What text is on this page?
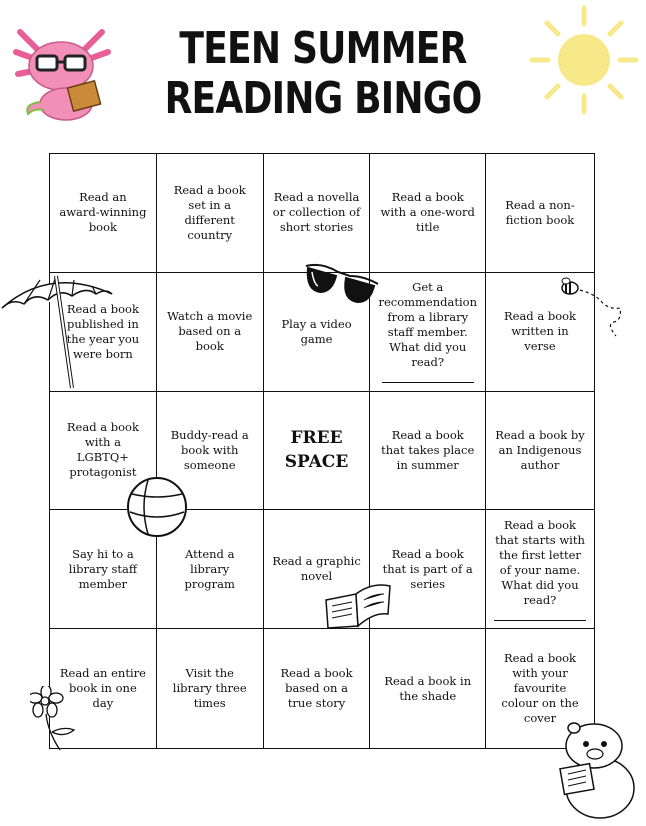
TEEN SUMMER
READING BINGO
Read an award-winning book
Read a book set in a different country
Read a novella or collection of short stories
Read a book with a one-word title
Read a non-fiction book
Read a book published in the year you were born
Watch a movie based on a book
Play a video game
Get a recommendation from a library staff member. What did you read?
Read a book written in verse
Read a book with a LGBTQ+ protagonist
Buddy-read a book with someone
FREE SPACE
Read a book that takes place in summer
Read a book by an Indigenous author
Say hi to a library staff member
Attend a library program
Read a graphic novel
Read a book that is part of a series
Read a book that starts with the first letter of your name. What did you read?
Read an entire book in one day
Visit the library three times
Read a book based on a true story
Read a book in the shade
Read a book with your favourite colour on the cover
